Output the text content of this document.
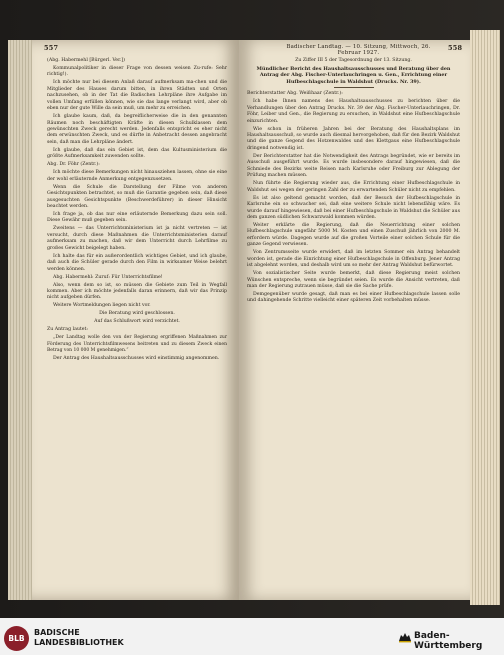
557	Badischer Landtag. — 10. Sitzung, Mittwoch, 26. Februar 1927.
558

(Abg. Habermehl [Bürgerl. Ver.])

Kommunalpolitiker in dieser Frage von dessen weisen Zu-rufe: Sehr richtig!).

Ich möchte nur bei diesem Anlaß darauf aufmerksam ma-chen und die Mitglieder des Hauses darum bitten, in ihren Städten und Orten nachzusehen, ob in der Tat die Badischen Lehrpläne ihre Aufgabe im vollen Umfang erfüllen können, wie sie das lange verlangt wird, aber ob eben nur der gute Wille da sein muß, um mehr zu erreichen.

Ich glaube kaum, daß, da begreiflicherweise die in den genannten Räumen noch beschäftigten Kräfte in diesen Schulklassen dem gewünschten Zweck gerecht werden. Jedenfalls entspricht es eher nicht dem erwünschten Zweck, und es dürfte in Anbetracht dessen angebracht sein, daß man die Lehrpläne ändert.

Ich glaube, daß das ein Gebiet ist, dem das Kultusministerium die größte Aufmerksamkeit zuwenden sollte.

Abg. Dr. Föhr (Zentr.):

Ich möchte diese Bemerkungen nicht hinausziehen lassen, ohne sie eine der wohl erläuternde Anmerkung entgegenzusetzen.

Wenn die Schule die Darstellung der Filme von anderen Gesichtspunkten betrachtet, so muß die Garantie gegeben sein, daß diese ausgesuchten Gesichtspunkte (Beschwerdeführer) in dieser Hinsicht beachtet werden.

Ich frage ja, ob das nur eine erläuternde Bemerkung dazu sein soll. Diese Gewähr muß gegeben sein.

Zweitens — das Unterrichtsministerium ist ja nicht vertreten — ist versucht, durch diese Maßnahmen die Unterrichtsministerien darauf aufmerksam zu machen, daß wir dem Unterricht durch Lehrfilme zu großes Gewicht beigelegt haben.

Ich halte das für ein außerordentlich wichtiges Gebiet, und ich glaube, daß auch die Schüler gerade durch den Film in wirksamer Weise belehrt werden können.

Abg. Habermehl: Zuruf: Für Unterrichtsfilme!

Also, wenn dem so ist, so müssen die Gebiete zum Teil in Wegfall kommen. Aber ich möchte jedenfalls daran erinnern, daß wir das Prinzip nicht aufgeben dürfen.

Weitere Wortmeldungen liegen nicht vor.

Die Beratung wird geschlossen.

Auf das Schlußwort wird verzichtet.

Zu Antrag lautet:

„Der Landtag wolle den von der Regierung ergriffenen Maßnahmen zur Förderung des Unterrichtsfilmwesens beitreten und zu diesem Zweck einen Betrag von 10 000 M genehmigen.“

Der Antrag des Haushaltsausschusses wird einstimmig angenommen.

Zu Ziffer III 5 der Tagesordnung der 13. Sitzung.

Mündlicher Bericht des Haushaltsausschusses und Beratung über den Antrag der Abg. Fischer-Unterlauchringen u. Gen., Errichtung einer Hufbeschlagschule in Waldshut (Drucks. Nr. 39).

Berichterstatter Abg. Weißhaar (Zentr.):

Ich habe Ihnen namens des Haushaltsausschusses zu berichten über die Verhandlungen über den Antrag Drucks. Nr. 39 der Abg. Fischer-Unterlauchringen, Dr. Föhr, Leiber und Gen., die Regierung zu ersuchen, in Waldshut eine Hufbeschlagschule einzurichten.

Wie schon in früheren Jahren bei der Beratung des Haushaltsplans im Haushaltsausschuß, so wurde auch diesmal hervorgehoben, daß für den Bezirk Waldshut und die ganze Gegend des Hotzenwaldes und des Klettgaus eine Hufbeschlagschule dringend notwendig ist.

Der Berichterstatter hat die Notwendigkeit des Antrags begründet, wie er bereits im Ausschuß ausgeführt wurde. Es wurde insbesondere darauf hingewiesen, daß die Schmiede des Bezirks weite Reisen nach Karlsruhe oder Freiburg zur Ablegung der Prüfung machen müssen.

Nun führte die Regierung wieder aus, die Errichtung einer Hufbeschlagschule in Waldshut sei wegen der geringen Zahl der zu erwartenden Schüler nicht zu empfehlen.

Es ist also geltend gemacht worden, daß der Besuch der Hufbeschlagschule in Karlsruhe ein so schwacher sei, daß eine weitere Schule nicht lebensfähig wäre. Es wurde darauf hingewiesen, daß bei einer Hufbeschlagschule in Waldshut die Schüler aus dem ganzen südlichen Schwarzwald kommen würden.

Weiter erklärte die Regierung, daß die Neuerrichtung einer solchen Hufbeschlagschule ungefähr 5000 M. Kosten und einen Zuschuß jährlich von 2000 M. erfordern würde. Dagegen wurde auf die großen Vorteile einer solchen Schule für die ganze Gegend verwiesen.

Von Zentrumsseite wurde erwidert, daß im letzten Sommer ein Antrag behandelt worden ist, gerade die Einrichtung einer Hufbeschlagschule in Offenburg. Jener Antrag ist abgelehnt worden, und deshalb wird um so mehr der Antrag Waldshut befürwortet.

Von sozialistischer Seite wurde bemerkt, daß diese Regierung meist solchen Wünschen entspreche, wenn sie begründet seien. Es wurde die Ansicht vertreten, daß man der Regierung zutrauen müsse, daß sie die Sache prüfe.

Demgegenüber wurde gesagt, daß man es bei einer Hufbeschlagschule lassen solle und dahingehende Schritte vielleicht einer späteren Zeit vorbehalten müsse.

BLB
BADISCHE
LANDESBIBLIOTHEK
Baden-Württemberg
